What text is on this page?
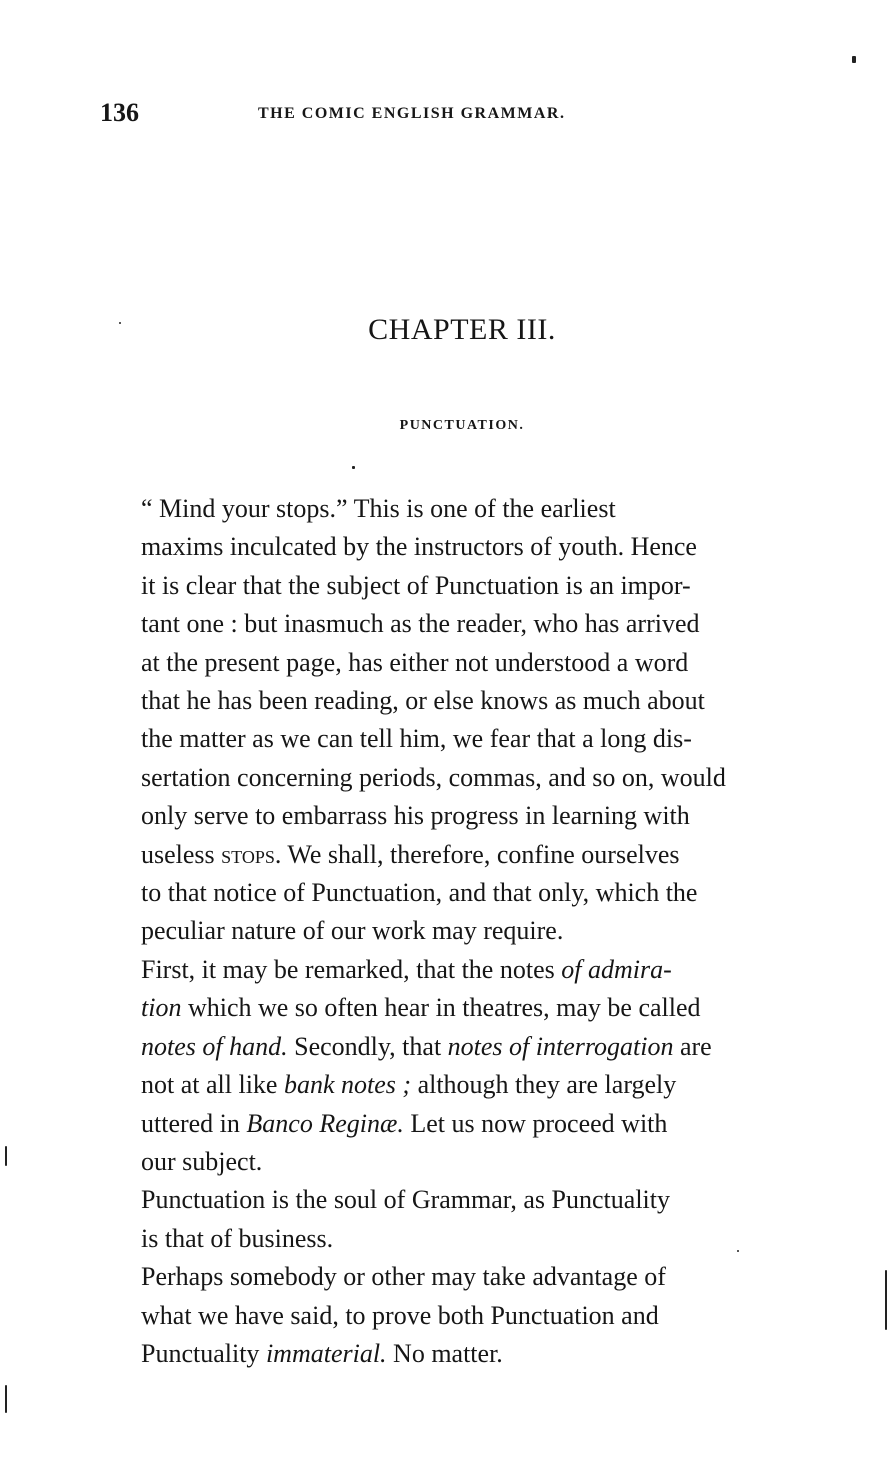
136	THE COMIC ENGLISH GRAMMAR.
CHAPTER III.
PUNCTUATION.

“ Mind your stops.” This is one of the earliest
maxims inculcated by the instructors of youth. Hence
it is clear that the subject of Punctuation is an impor-
tant one : but inasmuch as the reader, who has arrived
at the present page, has either not understood a word
that he has been reading, or else knows as much about
the matter as we can tell him, we fear that a long dis-
sertation concerning periods, commas, and so on, would
only serve to embarrass his progress in learning with
useless stops. We shall, therefore, confine ourselves
to that notice of Punctuation, and that only, which the
peculiar nature of our work may require.

First, it may be remarked, that the notes of admira-
tion which we so often hear in theatres, may be called
notes of hand. Secondly, that notes of interrogation are
not at all like bank notes ; although they are largely
uttered in Banco Reginæ. Let us now proceed with
our subject.

Punctuation is the soul of Grammar, as Punctuality
is that of business.

Perhaps somebody or other may take advantage of
what we have said, to prove both Punctuation and
Punctuality immaterial. No matter.
